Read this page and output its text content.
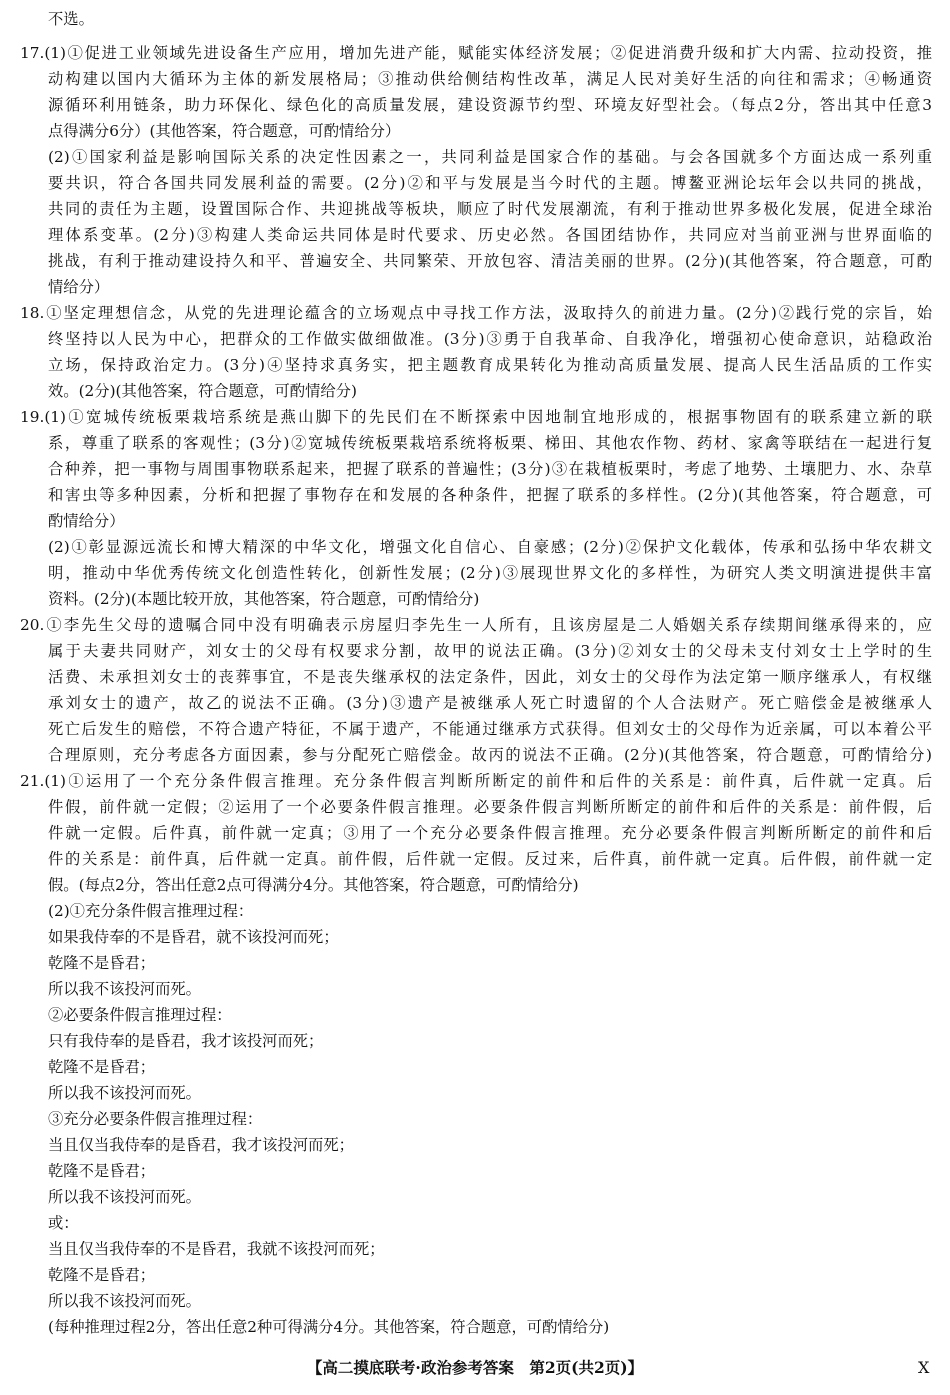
不选。
17.(1)①促进工业领域先进设备生产应用，增加先进产能，赋能实体经济发展；②促进消费升级和扩大内需、拉动投资，推
动构建以国内大循环为主体的新发展格局；③推动供给侧结构性改革，满足人民对美好生活的向往和需求；④畅通资
源循环利用链条，助力环保化、绿色化的高质量发展，建设资源节约型、环境友好型社会。（每点2分，答出其中任意3
点得满分6分）(其他答案，符合题意，可酌情给分）
(2)①国家利益是影响国际关系的决定性因素之一，共同利益是国家合作的基础。与会各国就多个方面达成一系列重
要共识，符合各国共同发展利益的需要。(2分)②和平与发展是当今时代的主题。博鳌亚洲论坛年会以共同的挑战，
共同的责任为主题，设置国际合作、共迎挑战等板块，顺应了时代发展潮流，有利于推动世界多极化发展，促进全球治
理体系变革。(2分)③构建人类命运共同体是时代要求、历史必然。各国团结协作，共同应对当前亚洲与世界面临的
挑战，有利于推动建设持久和平、普遍安全、共同繁荣、开放包容、清洁美丽的世界。(2分)(其他答案，符合题意，可酌
情给分）
18.①坚定理想信念，从党的先进理论蕴含的立场观点中寻找工作方法，汲取持久的前进力量。(2分)②践行党的宗旨，始
终坚持以人民为中心，把群众的工作做实做细做准。(3分)③勇于自我革命、自我净化，增强初心使命意识，站稳政治
立场，保持政治定力。(3分)④坚持求真务实，把主题教育成果转化为推动高质量发展、提高人民生活品质的工作实
效。(2分)(其他答案，符合题意，可酌情给分)
19.(1)①宽城传统板栗栽培系统是燕山脚下的先民们在不断探索中因地制宜地形成的，根据事物固有的联系建立新的联
系，尊重了联系的客观性；(3分)②宽城传统板栗栽培系统将板栗、梯田、其他农作物、药材、家禽等联结在一起进行复
合种养，把一事物与周围事物联系起来，把握了联系的普遍性；(3分)③在栽植板栗时，考虑了地势、土壤肥力、水、杂草
和害虫等多种因素，分析和把握了事物存在和发展的各种条件，把握了联系的多样性。(2分)(其他答案，符合题意，可
酌情给分）
(2)①彰显源远流长和博大精深的中华文化，增强文化自信心、自豪感；(2分)②保护文化载体，传承和弘扬中华农耕文
明，推动中华优秀传统文化创造性转化，创新性发展；(2分)③展现世界文化的多样性，为研究人类文明演进提供丰富
资料。(2分)(本题比较开放，其他答案，符合题意，可酌情给分)
20.①李先生父母的遗嘱合同中没有明确表示房屋归李先生一人所有，且该房屋是二人婚姻关系存续期间继承得来的，应
属于夫妻共同财产，刘女士的父母有权要求分割，故甲的说法正确。(3分)②刘女士的父母未支付刘女士上学时的生
活费、未承担刘女士的丧葬事宜，不是丧失继承权的法定条件，因此，刘女士的父母作为法定第一顺序继承人，有权继
承刘女士的遗产，故乙的说法不正确。(3分)③遗产是被继承人死亡时遗留的个人合法财产。死亡赔偿金是被继承人
死亡后发生的赔偿，不符合遗产特征，不属于遗产，不能通过继承方式获得。但刘女士的父母作为近亲属，可以本着公平
合理原则，充分考虑各方面因素，参与分配死亡赔偿金。故丙的说法不正确。(2分)(其他答案，符合题意，可酌情给分)
21.(1)①运用了一个充分条件假言推理。充分条件假言判断所断定的前件和后件的关系是：前件真，后件就一定真。后
件假，前件就一定假；②运用了一个必要条件假言推理。必要条件假言判断所断定的前件和后件的关系是：前件假，后
件就一定假。后件真，前件就一定真；③用了一个充分必要条件假言推理。充分必要条件假言判断所断定的前件和后
件的关系是：前件真，后件就一定真。前件假，后件就一定假。反过来，后件真，前件就一定真。后件假，前件就一定
假。(每点2分，答出任意2点可得满分4分。其他答案，符合题意，可酌情给分)
(2)①充分条件假言推理过程：
如果我侍奉的不是昏君，就不该投河而死；
乾隆不是昏君；
所以我不该投河而死。
②必要条件假言推理过程：
只有我侍奉的是昏君，我才该投河而死；
乾隆不是昏君；
所以我不该投河而死。
③充分必要条件假言推理过程：
当且仅当我侍奉的是昏君，我才该投河而死；
乾隆不是昏君；
所以我不该投河而死。
或：
当且仅当我侍奉的不是昏君，我就不该投河而死；
乾隆不是昏君；
所以我不该投河而死。
(每种推理过程2分，答出任意2种可得满分4分。其他答案，符合题意，可酌情给分)
【高二摸底联考·政治参考答案　第2页(共2页)】	X
